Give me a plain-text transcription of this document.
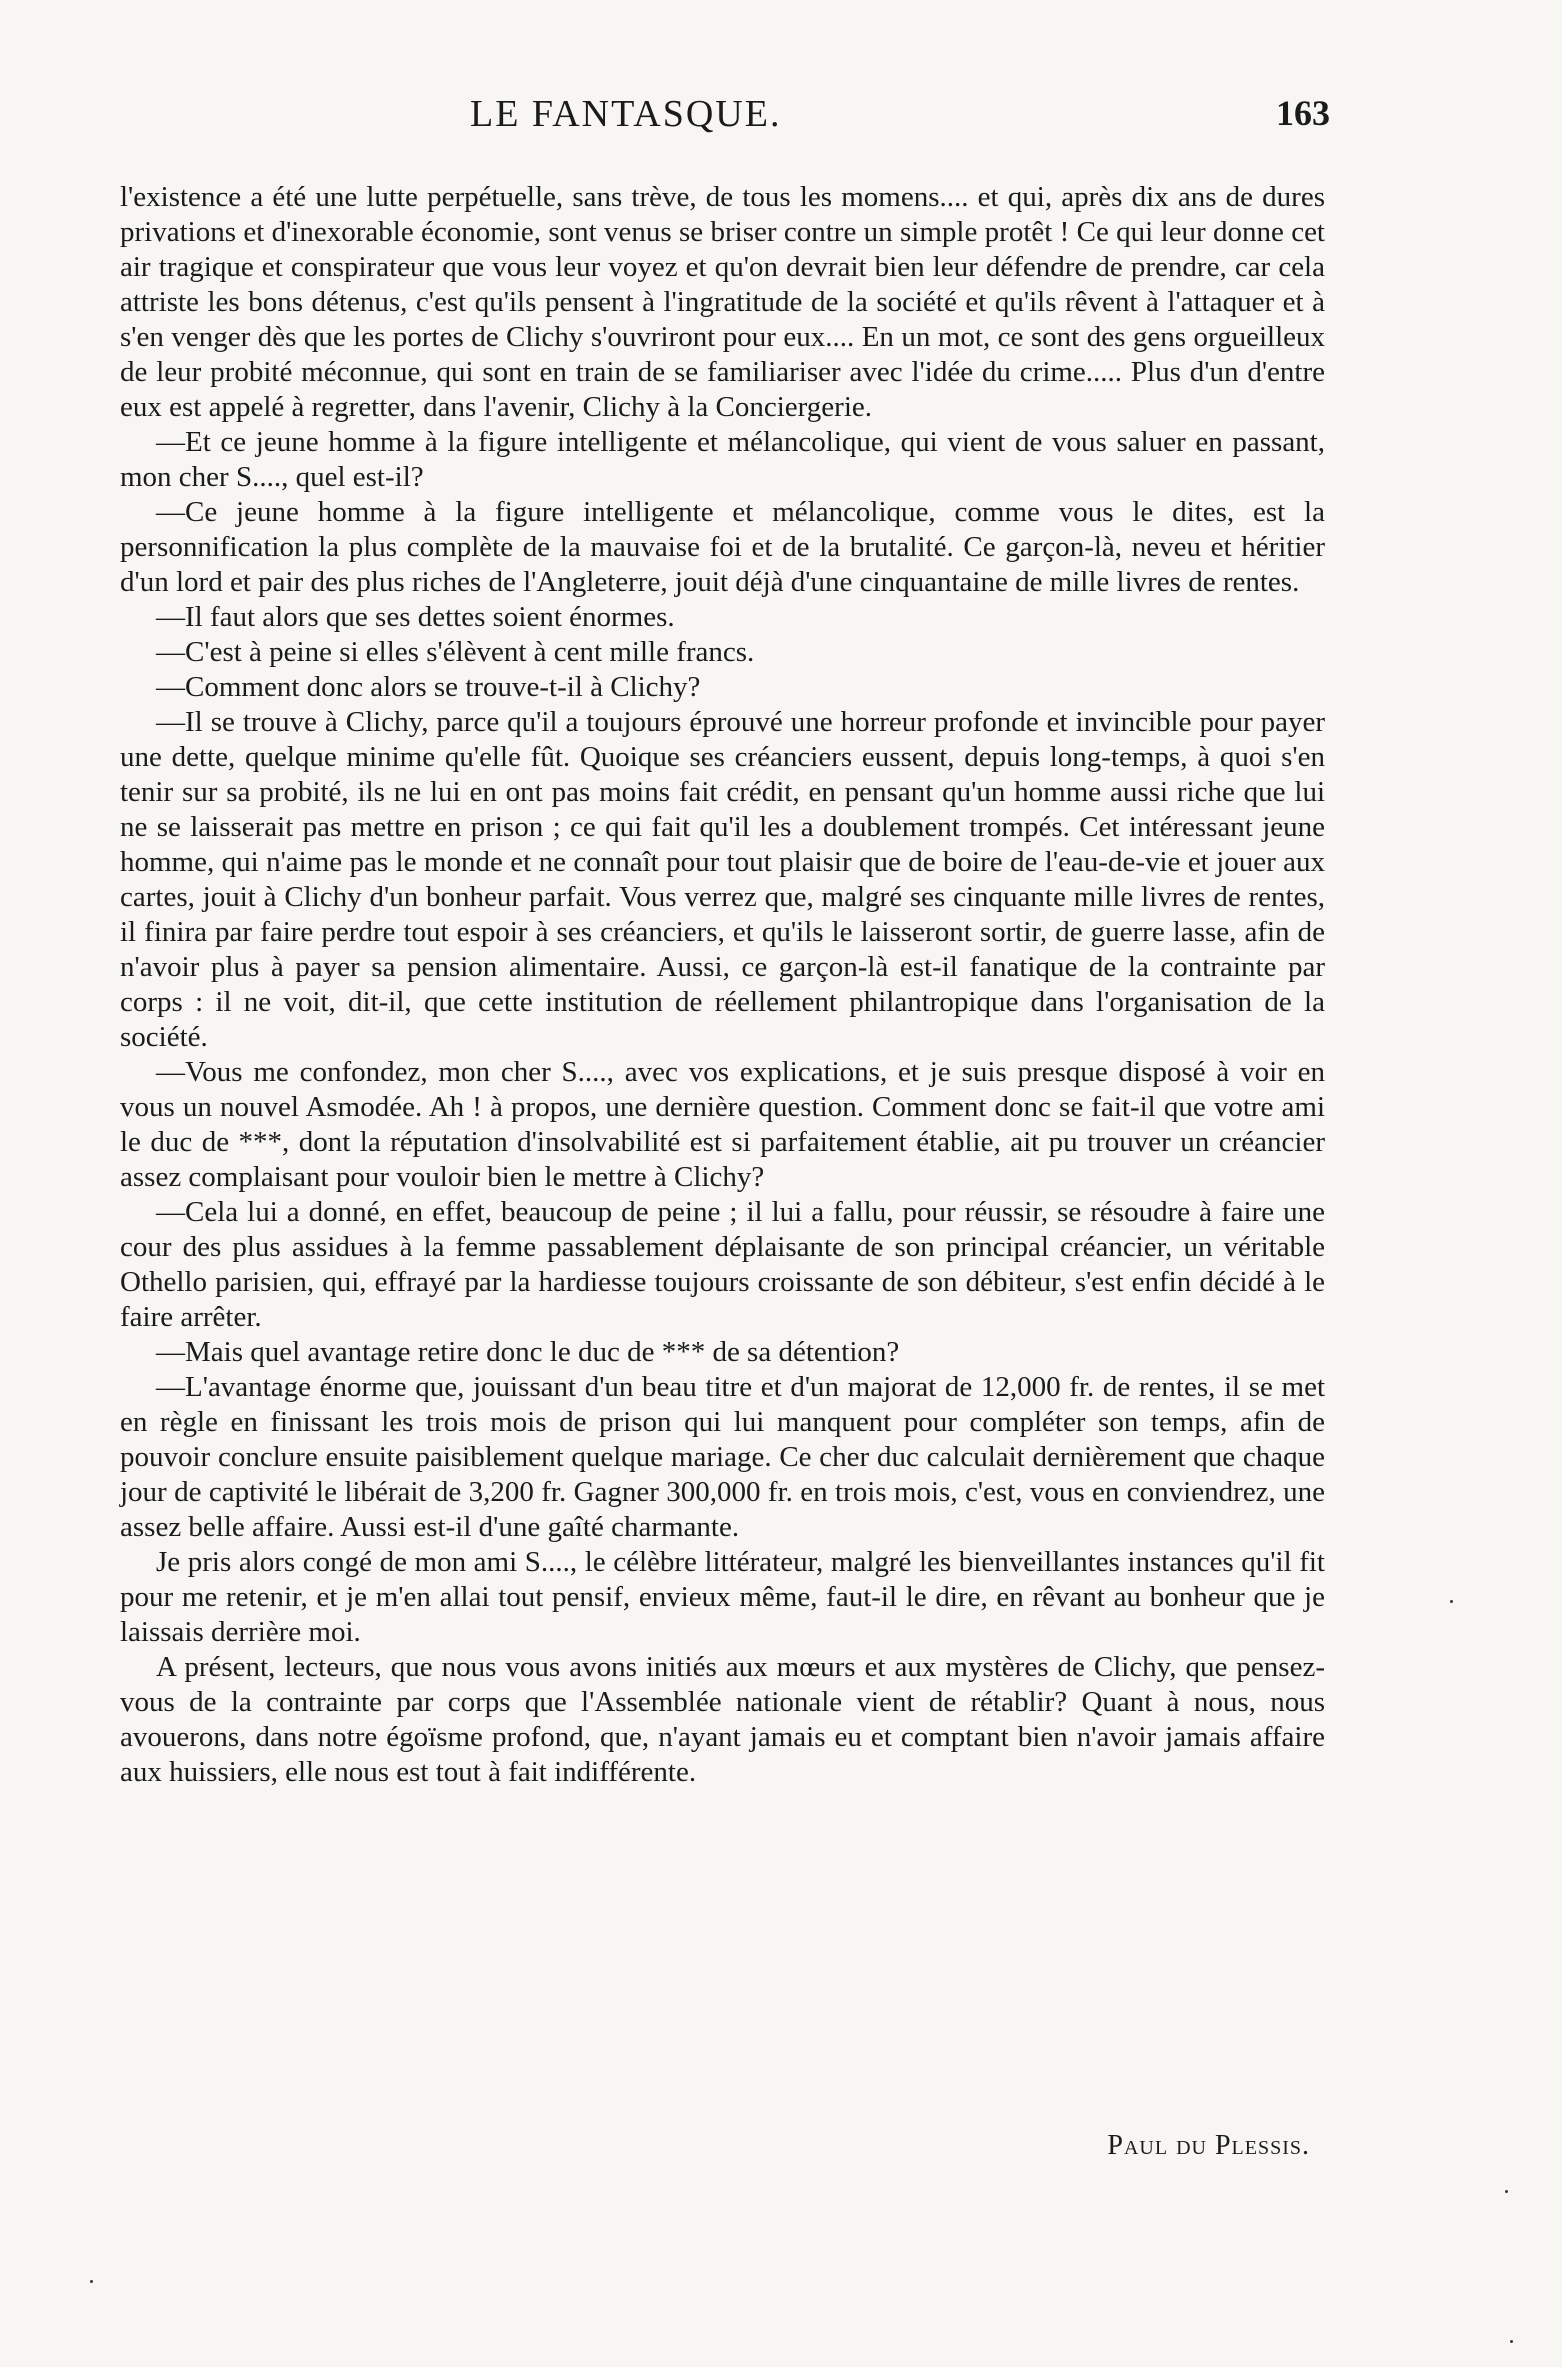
LE FANTASQUE.	163

l'existence a été une lutte perpétuelle, sans trève, de tous les momens.... et qui, après dix ans de dures privations et d'inexorable économie, sont venus se briser contre un simple protêt ! Ce qui leur donne cet air tragique et conspirateur que vous leur voyez et qu'on devrait bien leur défendre de prendre, car cela attriste les bons détenus, c'est qu'ils pensent à l'ingratitude de la société et qu'ils rêvent à l'attaquer et à s'en venger dès que les portes de Clichy s'ouvriront pour eux.... En un mot, ce sont des gens orgueilleux de leur probité méconnue, qui sont en train de se familiariser avec l'idée du crime..... Plus d'un d'entre eux est appelé à regretter, dans l'avenir, Clichy à la Conciergerie.

—Et ce jeune homme à la figure intelligente et mélancolique, qui vient de vous saluer en passant, mon cher S...., quel est-il?

—Ce jeune homme à la figure intelligente et mélancolique, comme vous le dites, est la personnification la plus complète de la mauvaise foi et de la brutalité. Ce garçon-là, neveu et héritier d'un lord et pair des plus riches de l'Angleterre, jouit déjà d'une cinquantaine de mille livres de rentes.

—Il faut alors que ses dettes soient énormes.

—C'est à peine si elles s'élèvent à cent mille francs.

—Comment donc alors se trouve-t-il à Clichy?

—Il se trouve à Clichy, parce qu'il a toujours éprouvé une horreur profonde et invincible pour payer une dette, quelque minime qu'elle fût. Quoique ses créanciers eussent, depuis long-temps, à quoi s'en tenir sur sa probité, ils ne lui en ont pas moins fait crédit, en pensant qu'un homme aussi riche que lui ne se laisserait pas mettre en prison ; ce qui fait qu'il les a doublement trompés. Cet intéressant jeune homme, qui n'aime pas le monde et ne connaît pour tout plaisir que de boire de l'eau-de-vie et jouer aux cartes, jouit à Clichy d'un bonheur parfait. Vous verrez que, malgré ses cinquante mille livres de rentes, il finira par faire perdre tout espoir à ses créanciers, et qu'ils le laisseront sortir, de guerre lasse, afin de n'avoir plus à payer sa pension alimentaire. Aussi, ce garçon-là est-il fanatique de la contrainte par corps : il ne voit, dit-il, que cette institution de réellement philantropique dans l'organisation de la société.

—Vous me confondez, mon cher S...., avec vos explications, et je suis presque disposé à voir en vous un nouvel Asmodée. Ah ! à propos, une dernière question. Comment donc se fait-il que votre ami le duc de ***, dont la réputation d'insolvabilité est si parfaitement établie, ait pu trouver un créancier assez complaisant pour vouloir bien le mettre à Clichy?

—Cela lui a donné, en effet, beaucoup de peine ; il lui a fallu, pour réussir, se résoudre à faire une cour des plus assidues à la femme passablement déplaisante de son principal créancier, un véritable Othello parisien, qui, effrayé par la hardiesse toujours croissante de son débiteur, s'est enfin décidé à le faire arrêter.

—Mais quel avantage retire donc le duc de *** de sa détention?

—L'avantage énorme que, jouissant d'un beau titre et d'un majorat de 12,000 fr. de rentes, il se met en règle en finissant les trois mois de prison qui lui manquent pour compléter son temps, afin de pouvoir conclure ensuite paisiblement quelque mariage. Ce cher duc calculait dernièrement que chaque jour de captivité le libérait de 3,200 fr. Gagner 300,000 fr. en trois mois, c'est, vous en conviendrez, une assez belle affaire. Aussi est-il d'une gaîté charmante.

Je pris alors congé de mon ami S...., le célèbre littérateur, malgré les bienveillantes instances qu'il fit pour me retenir, et je m'en allai tout pensif, envieux même, faut-il le dire, en rêvant au bonheur que je laissais derrière moi.

A présent, lecteurs, que nous vous avons initiés aux mœurs et aux mystères de Clichy, que pensez-vous de la contrainte par corps que l'Assemblée nationale vient de rétablir? Quant à nous, nous avouerons, dans notre égoïsme profond, que, n'ayant jamais eu et comptant bien n'avoir jamais affaire aux huissiers, elle nous est tout à fait indifférente.

Paul du Plessis.
